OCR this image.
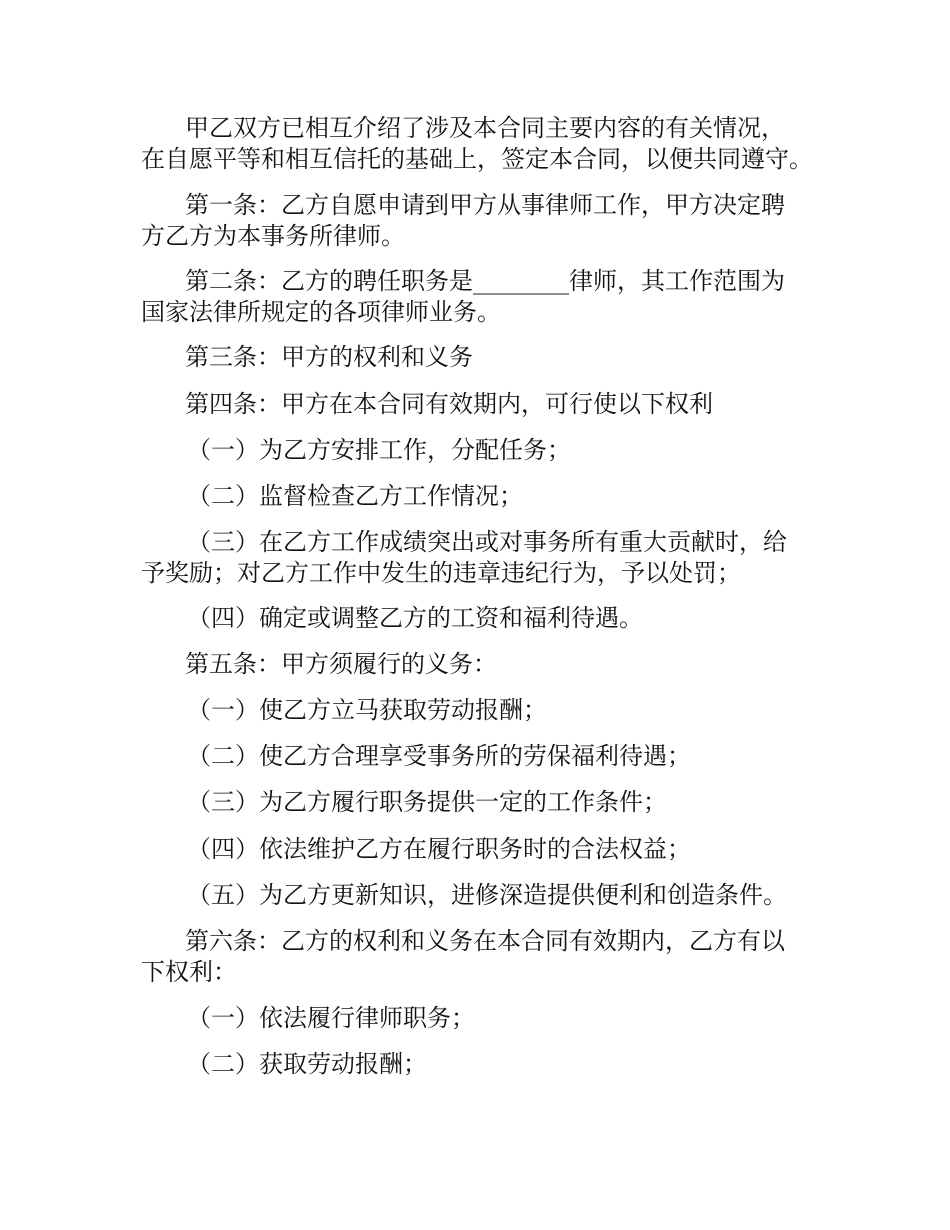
甲乙双方已相互介绍了涉及本合同主要内容的有关情况，
在自愿平等和相互信托的基础上，签定本合同，以便共同遵守。
第一条：乙方自愿申请到甲方从事律师工作，甲方决定聘
方乙方为本事务所律师。
第二条：乙方的聘任职务是________律师，其工作范围为
国家法律所规定的各项律师业务。
第三条：甲方的权利和义务
第四条：甲方在本合同有效期内，可行使以下权利
（一）为乙方安排工作，分配任务；
（二）监督检查乙方工作情况；
（三）在乙方工作成绩突出或对事务所有重大贡献时，给
予奖励；对乙方工作中发生的违章违纪行为，予以处罚；
（四）确定或调整乙方的工资和福利待遇。
第五条：甲方须履行的义务：
（一）使乙方立马获取劳动报酬；
（二）使乙方合理享受事务所的劳保福利待遇；
（三）为乙方履行职务提供一定的工作条件；
（四）依法维护乙方在履行职务时的合法权益；
（五）为乙方更新知识，进修深造提供便利和创造条件。
第六条：乙方的权利和义务在本合同有效期内，乙方有以
下权利：
（一）依法履行律师职务；
（二）获取劳动报酬；
